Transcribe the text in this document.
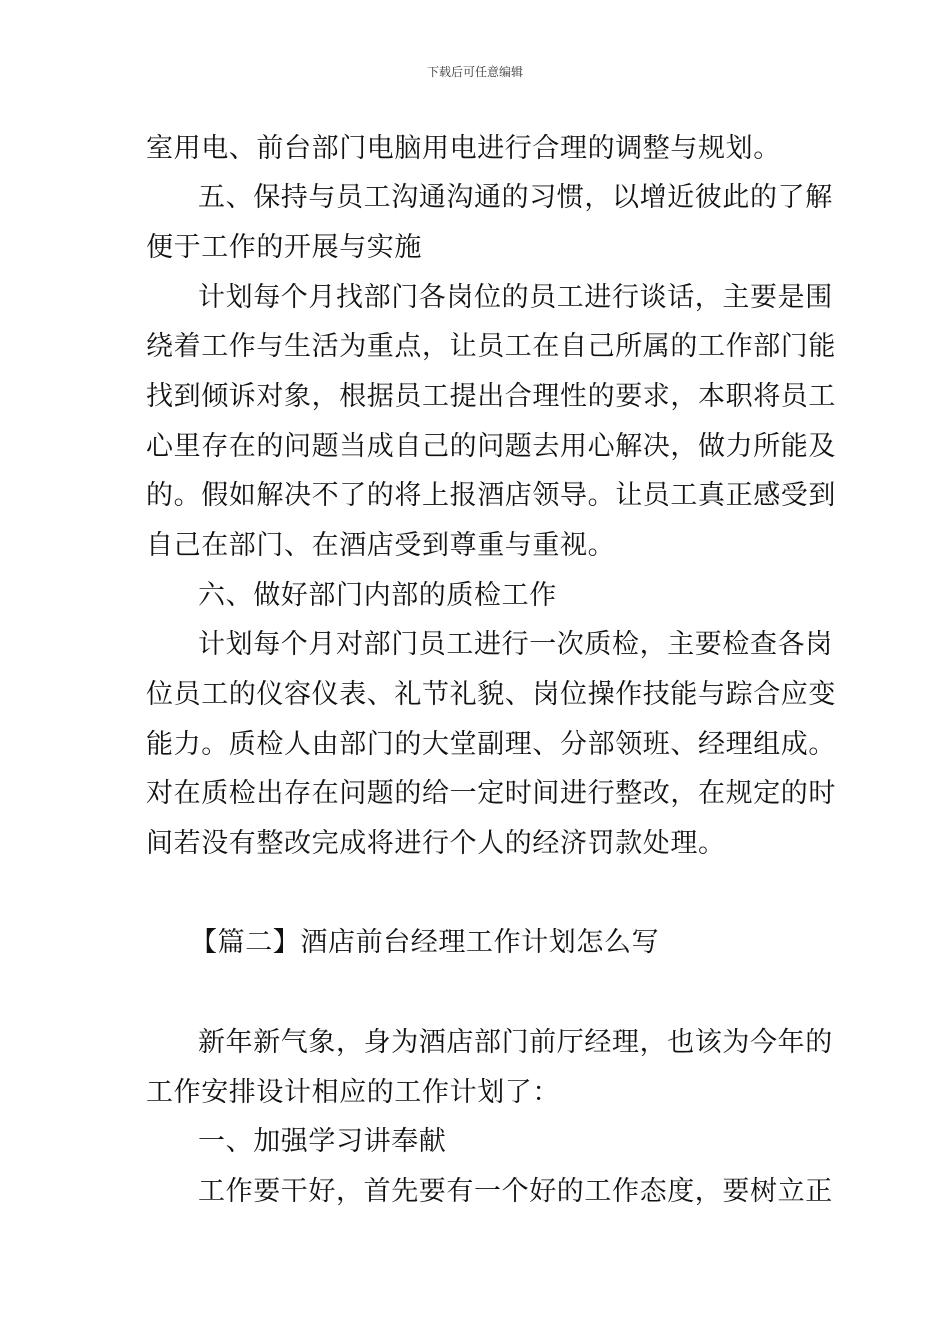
下载后可任意编辑
室用电、前台部门电脑用电进行合理的调整与规划。
五、保持与员工沟通沟通的习惯，以增近彼此的了解
便于工作的开展与实施
计划每个月找部门各岗位的员工进行谈话，主要是围
绕着工作与生活为重点，让员工在自己所属的工作部门能
找到倾诉对象，根据员工提出合理性的要求，本职将员工
心里存在的问题当成自己的问题去用心解决，做力所能及
的。假如解决不了的将上报酒店领导。让员工真正感受到
自己在部门、在酒店受到尊重与重视。
六、做好部门内部的质检工作
计划每个月对部门员工进行一次质检，主要检查各岗
位员工的仪容仪表、礼节礼貌、岗位操作技能与踪合应变
能力。质检人由部门的大堂副理、分部领班、经理组成。
对在质检出存在问题的给一定时间进行整改，在规定的时
间若没有整改完成将进行个人的经济罚款处理。
【篇二】酒店前台经理工作计划怎么写
新年新气象，身为酒店部门前厅经理，也该为今年的
工作安排设计相应的工作计划了：
一、加强学习讲奉献
工作要干好，首先要有一个好的工作态度，要树立正
